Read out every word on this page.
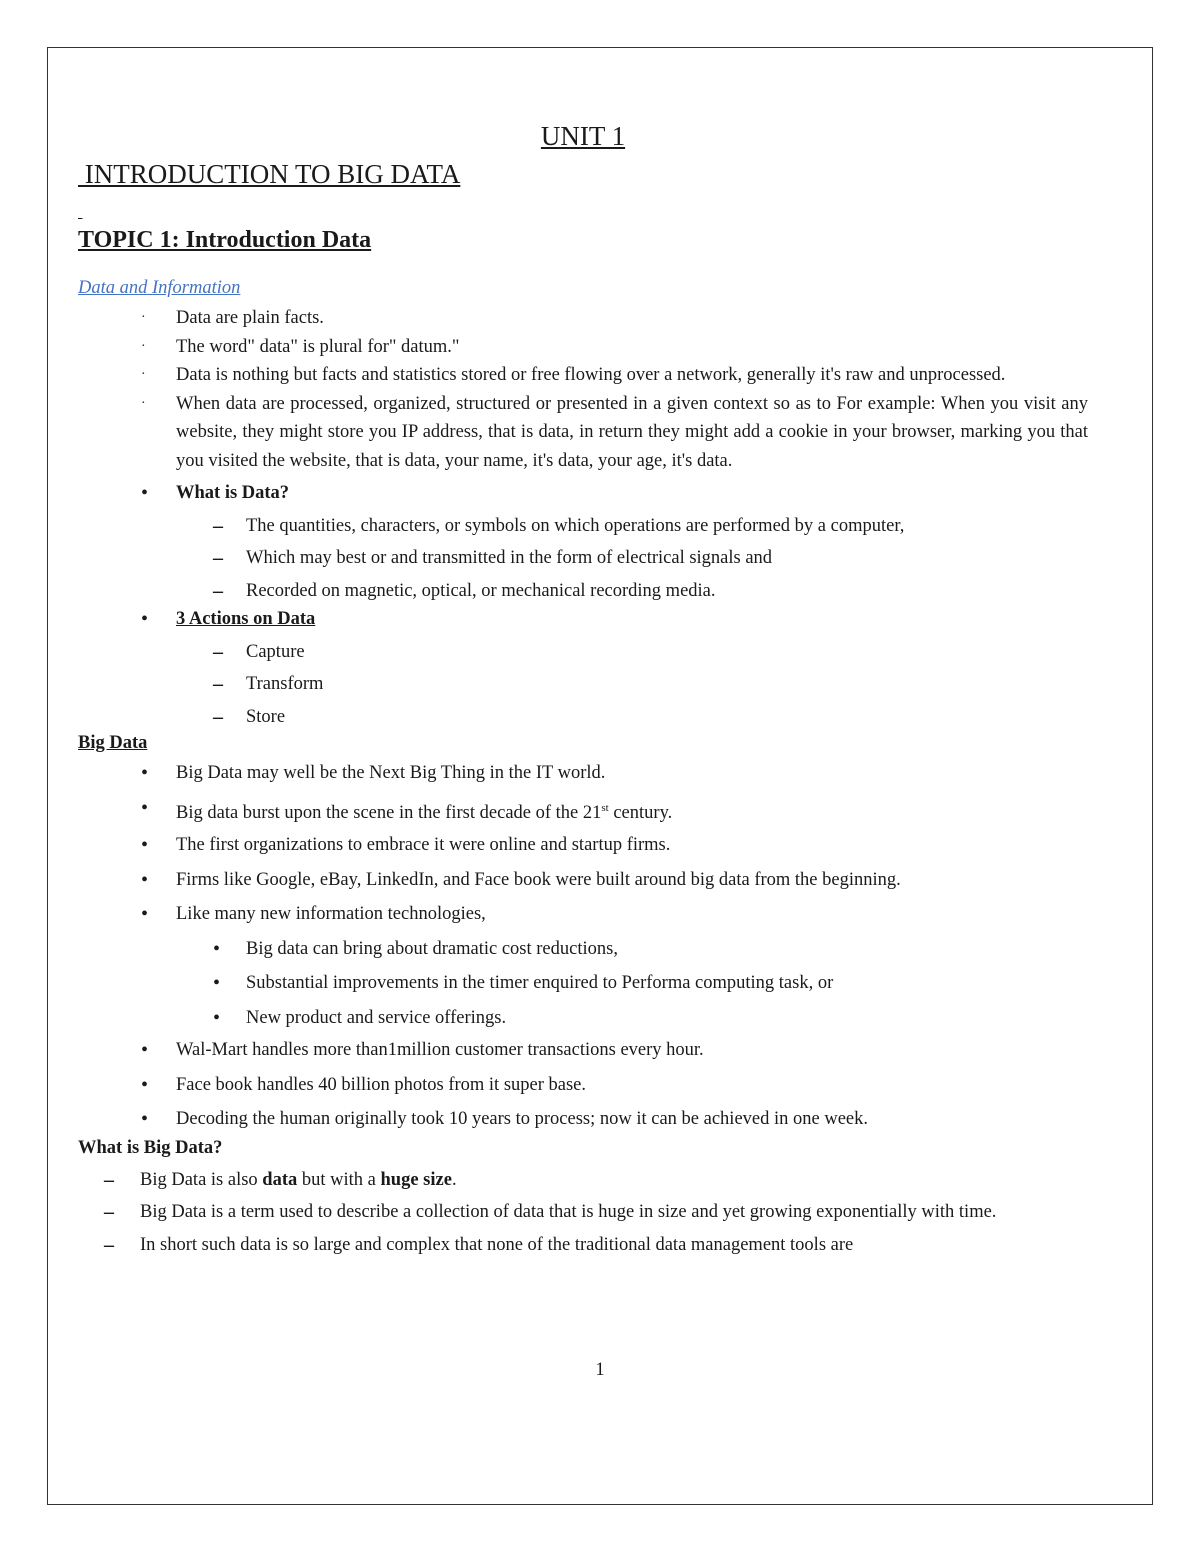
UNIT 1
INTRODUCTION TO BIG DATA

TOPIC 1: Introduction Data
Data and Information
· Data are plain facts.
· The word" data" is plural for" datum."
· Data is nothing but facts and statistics stored or free flowing over a network, generally it's raw and unprocessed.
· When data are processed, organized, structured or presented in a given context so as to For example: When you visit any website, they might store you IP address, that is data, in return they might add a cookie in your browser, marking you that you visited the website, that is data, your name, it's data, your age, it's data.
• What is Data?
– The quantities, characters, or symbols on which operations are performed by a computer,
– Which may best or and transmitted in the form of electrical signals and
– Recorded on magnetic, optical, or mechanical recording media.
• 3 Actions on Data
– Capture
– Transform
– Store
Big Data
• Big Data may well be the Next Big Thing in the IT world.
• Big data burst upon the scene in the first decade of the 21st century.
• The first organizations to embrace it were online and startup firms.
• Firms like Google, eBay, LinkedIn, and Face book were built around big data from the beginning.
• Like many new information technologies,
• Big data can bring about dramatic cost reductions,
• Substantial improvements in the timer enquired to Performa computing task, or
• New product and service offerings.
• Wal-Mart handles more than1million customer transactions every hour.
• Face book handles 40 billion photos from it super base.
• Decoding the human originally took 10 years to process; now it can be achieved in one week.
What is Big Data?
– Big Data is also data but with a huge size.
– Big Data is a term used to describe a collection of data that is huge in size and yet growing exponentially with time.
– In short such data is so large and complex that none of the traditional data management tools are
1
